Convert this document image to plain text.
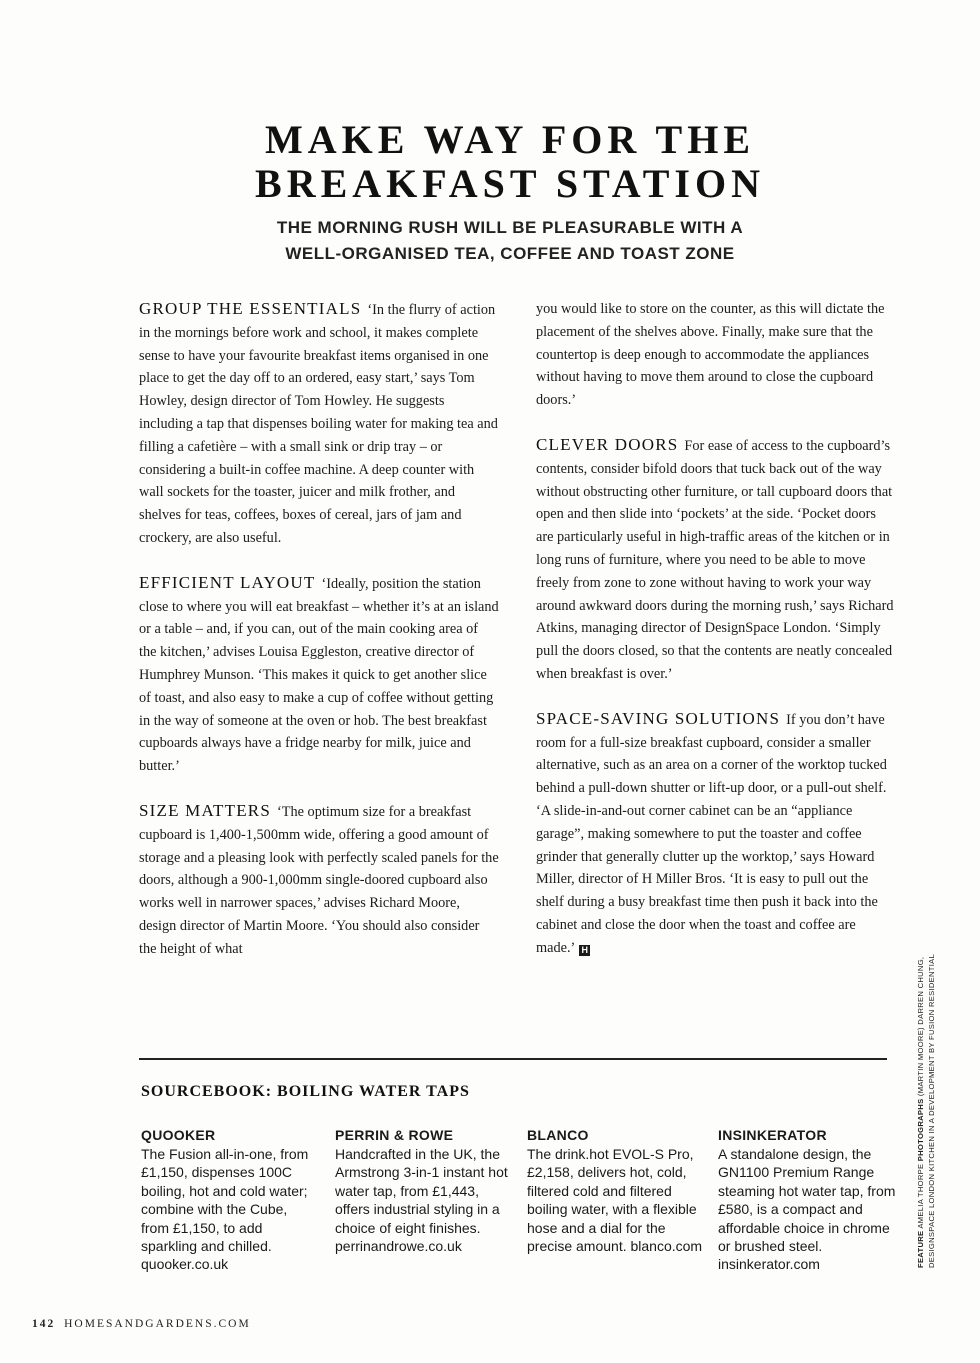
MAKE WAY FOR THE
BREAKFAST STATION
THE MORNING RUSH WILL BE PLEASURABLE WITH A
WELL-ORGANISED TEA, COFFEE AND TOAST ZONE

GROUP THE ESSENTIALS ‘In the flurry of action in the mornings before work and school, it makes complete sense to have your favourite breakfast items organised in one place to get the day off to an ordered, easy start,’ says Tom Howley, design director of Tom Howley. He suggests including a tap that dispenses boiling water for making tea and filling a cafetière – with a small sink or drip tray – or considering a built-in coffee machine. A deep counter with wall sockets for the toaster, juicer and milk frother, and shelves for teas, coffees, boxes of cereal, jars of jam and crockery, are also useful.

EFFICIENT LAYOUT ‘Ideally, position the station close to where you will eat breakfast – whether it’s at an island or a table – and, if you can, out of the main cooking area of the kitchen,’ advises Louisa Eggleston, creative director of Humphrey Munson. ‘This makes it quick to get another slice of toast, and also easy to make a cup of coffee without getting in the way of someone at the oven or hob. The best breakfast cupboards always have a fridge nearby for milk, juice and butter.’

SIZE MATTERS ‘The optimum size for a breakfast cupboard is 1,400-1,500mm wide, offering a good amount of storage and a pleasing look with perfectly scaled panels for the doors, although a 900-1,000mm single-doored cupboard also works well in narrower spaces,’ advises Richard Moore, design director of Martin Moore. ‘You should also consider the height of what

you would like to store on the counter, as this will dictate the placement of the shelves above. Finally, make sure that the countertop is deep enough to accommodate the appliances without having to move them around to close the cupboard doors.’

CLEVER DOORS For ease of access to the cupboard’s contents, consider bifold doors that tuck back out of the way without obstructing other furniture, or tall cupboard doors that open and then slide into ‘pockets’ at the side. ‘Pocket doors are particularly useful in high-traffic areas of the kitchen or in long runs of furniture, where you need to be able to move freely from zone to zone without having to work your way around awkward doors during the morning rush,’ says Richard Atkins, managing director of DesignSpace London. ‘Simply pull the doors closed, so that the contents are neatly concealed when breakfast is over.’

SPACE-SAVING SOLUTIONS If you don’t have room for a full-size breakfast cupboard, consider a smaller alternative, such as an area on a corner of the worktop tucked behind a pull-down shutter or lift-up door, or a pull-out shelf. ‘A slide-in-and-out corner cabinet can be an “appliance garage”, making somewhere to put the toaster and coffee grinder that generally clutter up the worktop,’ says Howard Miller, director of H Miller Bros. ‘It is easy to pull out the shelf during a busy breakfast time then push it back into the cabinet and close the door when the toast and coffee are made.’ H

SOURCEBOOK: BOILING WATER TAPS
QUOOKER

The Fusion all-in-one, from £1,150, dispenses 100C boiling, hot and cold water; combine with the Cube, from £1,150, to add sparkling and chilled. quooker.co.uk

PERRIN & ROWE

Handcrafted in the UK, the Armstrong 3-in-1 instant hot water tap, from £1,443, offers industrial styling in a choice of eight finishes. perrinandrowe.co.uk

BLANCO

The drink.hot EVOL-S Pro, £2,158, delivers hot, cold, filtered cold and filtered boiling water, with a flexible hose and a dial for the precise amount. blanco.com

INSINKERATOR

A standalone design, the GN1100 Premium Range steaming hot water tap, from £580, is a compact and affordable choice in chrome or brushed steel. insinkerator.com	FEATURE AMELIA THORPE PHOTOGRAPHS (MARTIN MOORE) DARREN CHUNG, DESIGNSPACE LONDON KITCHEN IN A DEVELOPMENT BY FUSION RESIDENTIAL
142 HOMESANDGARDENS.COM
